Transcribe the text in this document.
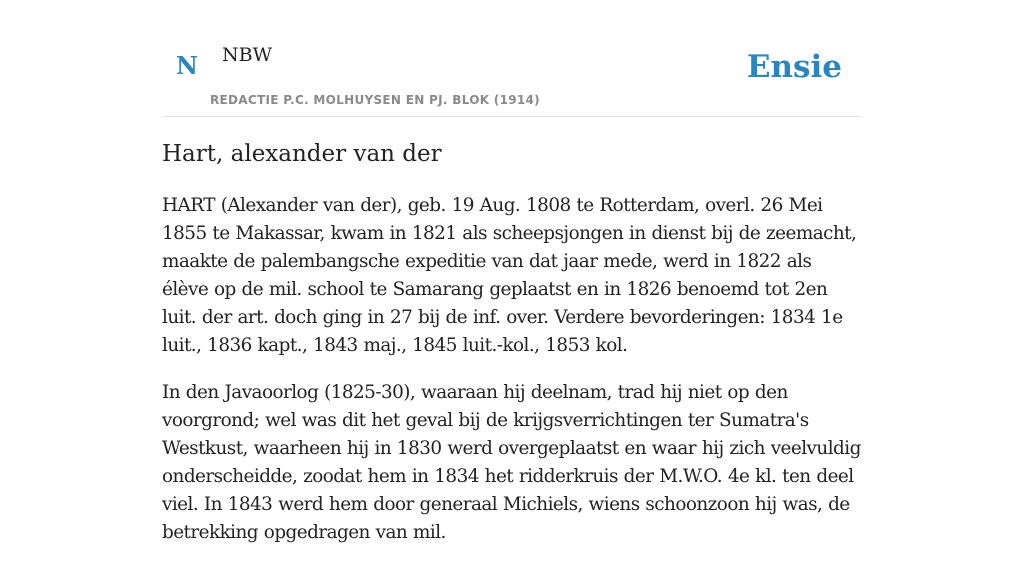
N NBW
REDACTIE P.C. MOLHUYSEN EN PJ. BLOK (1914)
Ensie
Hart, alexander van der

HART (Alexander van der), geb. 19 Aug. 1808 te Rotterdam, overl. 26 Mei 1855 te Makassar, kwam in 1821 als scheepsjongen in dienst bij de zeemacht, maakte de palembangsche expeditie van dat jaar mede, werd in 1822 als élève op de mil. school te Samarang geplaatst en in 1826 benoemd tot 2en luit. der art. doch ging in 27 bij de inf. over. Verdere bevorderingen: 1834 1e luit., 1836 kapt., 1843 maj., 1845 luit.-kol., 1853 kol.

In den Javaoorlog (1825-30), waaraan hij deelnam, trad hij niet op den voorgrond; wel was dit het geval bij de krijgsverrichtingen ter Sumatra's Westkust, waarheen hij in 1830 werd overgeplaatst en waar hij zich veelvuldig onderscheidde, zoodat hem in 1834 het ridderkruis der M.W.O. 4e kl. ten deel viel. In 1843 werd hem door generaal Michiels, wiens schoonzoon hij was, de betrekking opgedragen van mil.
